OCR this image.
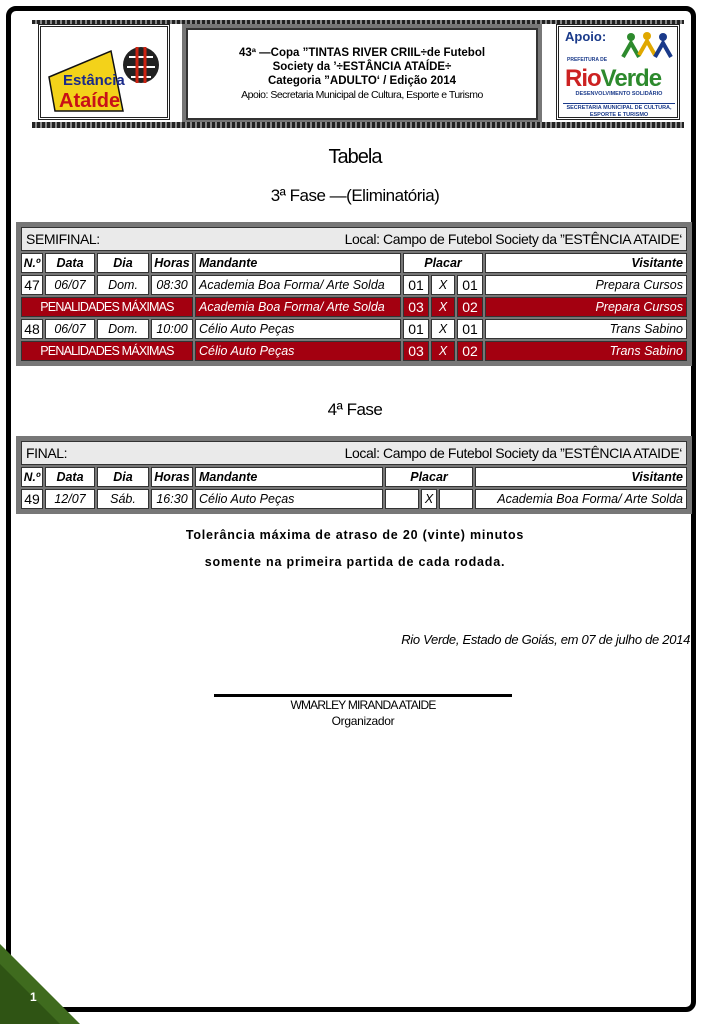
Estância
Ataíde
43ª —Copa ”TINTAS RIVER CRIIL÷de Futebol
Society da ’÷ESTÂNCIA ATAÍDE÷
Categoria ”ADULTO‘ / Edição 2014
Apoio: Secretaria Municipal de Cultura, Esporte e Turismo
Apoio:
PREFEITURA DE
RioVerde
DESENVOLVIMENTO SOLIDÁRIO
SECRETARIA MUNICIPAL DE CULTURA, ESPORTE E TURISMO
Tabela
3ª Fase —(Eliminatória)
SEMIFINAL:	Local: Campo de Futebol Society da ”ESTÊNCIA ATAIDE‘
N.º	Data	Dia	Horas Mandante	Placar	Visitante
47	06/07	Dom.	08:30 Academia Boa Forma/ Arte Solda	01	X	01	Prepara Cursos
PENALIDADES MÁXIMAS	Academia Boa Forma/ Arte Solda	03	X	02	Prepara Cursos
48	06/07	Dom.	10:00 Célio Auto Peças	01	X	01	Trans Sabino
PENALIDADES MÁXIMAS	Célio Auto Peças	03	X	02	Trans Sabino
4ª Fase
FINAL:	Local: Campo de Futebol Society da ”ESTÊNCIA ATAIDE‘
N.º	Data	Dia	Horas Mandante	Placar	Visitante
49	12/07	Sáb.	16:30 Célio Auto Peças	X	Academia Boa Forma/ Arte Solda
Tolerância máxima de atraso de 20 (vinte) minutos
somente na primeira partida de cada rodada.
Rio Verde, Estado de Goiás, em 07 de julho de 2014
WMARLEY MIRANDA ATAIDE
Organizador
1
